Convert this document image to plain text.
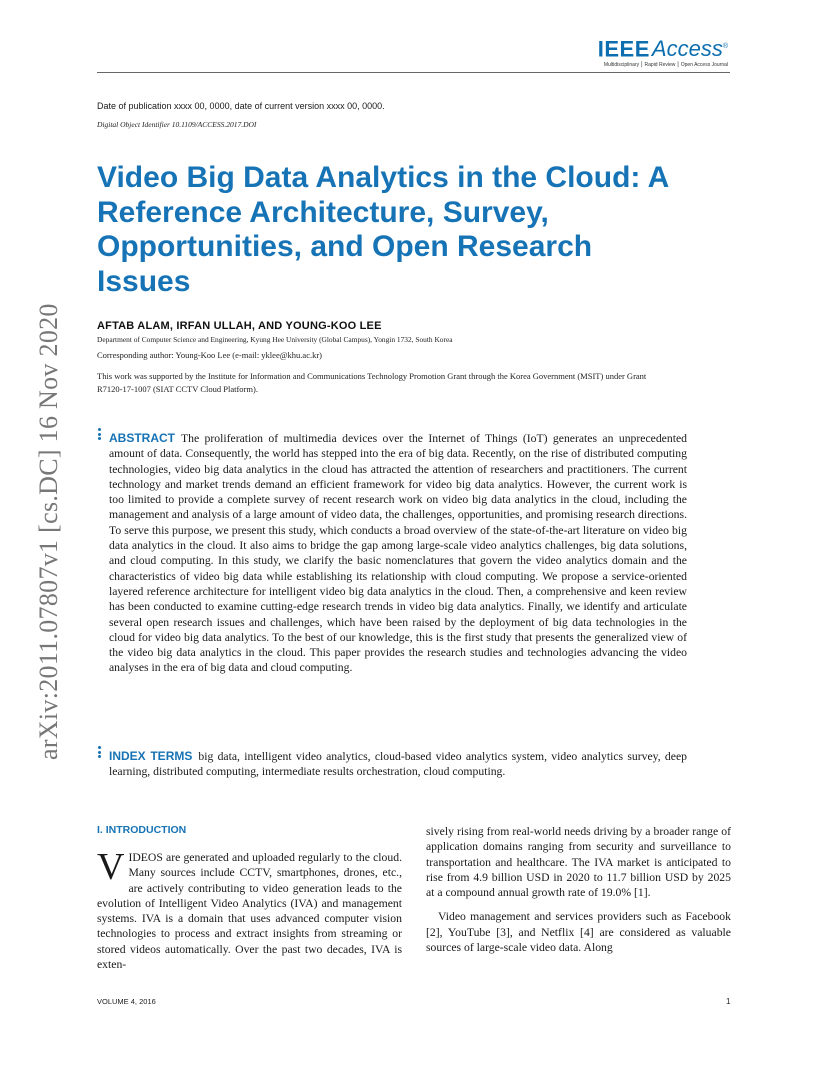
IEEEAccess®
Multidisciplinary ⎮ Rapid Review ⎮ Open Access Journal
Date of publication xxxx 00, 0000, date of current version xxxx 00, 0000.
Digital Object Identifier 10.1109/ACCESS.2017.DOI
Video Big Data Analytics in the Cloud: A
Reference Architecture, Survey,
Opportunities, and Open Research
Issues
arXiv:2011.07807v1 [cs.DC] 16 Nov 2020	AFTAB ALAM, IRFAN ULLAH, AND YOUNG-KOO LEE
Department of Computer Science and Engineering, Kyung Hee University (Global Campus), Yongin 1732, South Korea
Corresponding author: Young-Koo Lee (e-mail: yklee@khu.ac.kr)
This work was supported by the Institute for Information and Communications Technology Promotion Grant through the Korea Government (MSIT) under Grant R7120-17-1007 (SIAT CCTV Cloud Platform).
ABSTRACT The proliferation of multimedia devices over the Internet of Things (IoT) generates an unprecedented amount of data. Consequently, the world has stepped into the era of big data. Recently, on the rise of distributed computing technologies, video big data analytics in the cloud has attracted the attention of researchers and practitioners. The current technology and market trends demand an efficient framework for video big data analytics. However, the current work is too limited to provide a complete survey of recent research work on video big data analytics in the cloud, including the management and analysis of a large amount of video data, the challenges, opportunities, and promising research directions. To serve this purpose, we present this study, which conducts a broad overview of the state-of-the-art literature on video big data analytics in the cloud. It also aims to bridge the gap among large-scale video analytics challenges, big data solutions, and cloud computing. In this study, we clarify the basic nomenclatures that govern the video analytics domain and the characteristics of video big data while establishing its relationship with cloud computing. We propose a service-oriented layered reference architecture for intelligent video big data analytics in the cloud. Then, a comprehensive and keen review has been conducted to examine cutting-edge research trends in video big data analytics. Finally, we identify and articulate several open research issues and challenges, which have been raised by the deployment of big data technologies in the cloud for video big data analytics. To the best of our knowledge, this is the first study that presents the generalized view of the video big data analytics in the cloud. This paper provides the research studies and technologies advancing the video analyses in the era of big data and cloud computing.
INDEX TERMS big data, intelligent video analytics, cloud-based video analytics system, video analytics survey, deep learning, distributed computing, intermediate results orchestration, cloud computing.
I. INTRODUCTION

VIDEOS are generated and uploaded regularly to the cloud. Many sources include CCTV, smartphones, drones, etc., are actively contributing to video generation leads to the evolution of Intelligent Video Analytics (IVA) and management systems. IVA is a domain that uses advanced computer vision technologies to process and extract insights from streaming or stored videos automatically. Over the past two decades, IVA is exten-

sively rising from real-world needs driving by a broader range of application domains ranging from security and surveillance to transportation and healthcare. The IVA market is anticipated to rise from 4.9 billion USD in 2020 to 11.7 billion USD by 2025 at a compound annual growth rate of 19.0% [1].

Video management and services providers such as Facebook [2], YouTube [3], and Netflix [4] are considered as valuable sources of large-scale video data. Along

VOLUME 4, 2016	1
